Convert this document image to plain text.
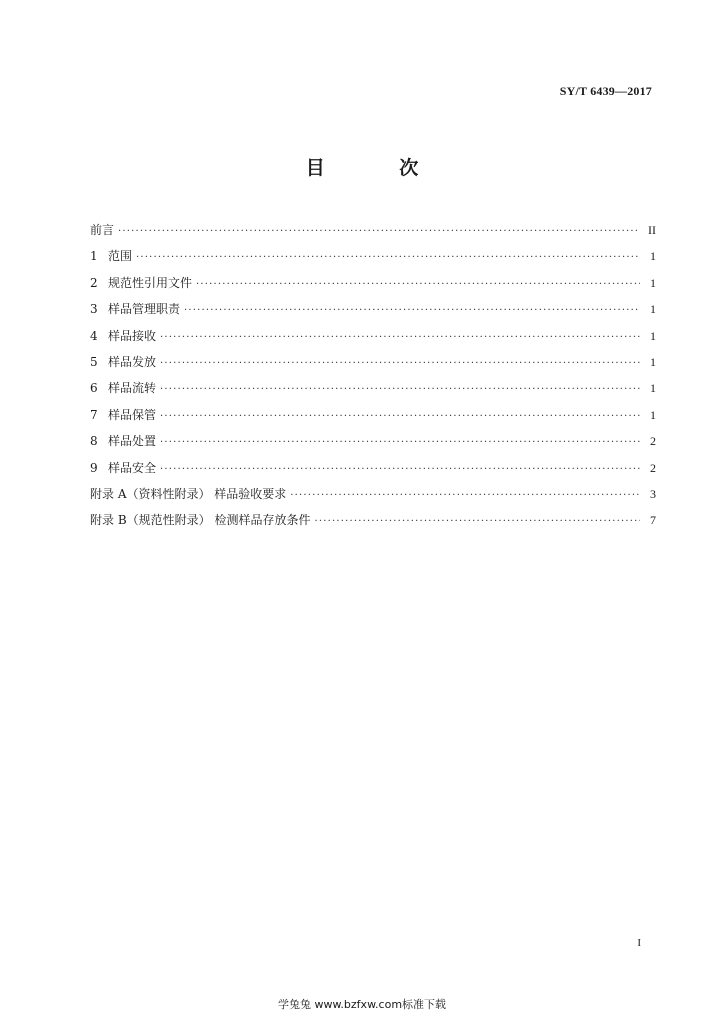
SY/T 6439—2017
目 次
前言 ·····	II
1 范围 ·····	1
2 规范性引用文件 ·····	1
3 样品管理职责 ·····	1
4 样品接收 ·····	1
5 样品发放 ·····	1
6 样品流转 ·····	1
7 样品保管 ·····	1
8 样品处置 ·····	2
9 样品安全 ·····	2
附录 A（资料性附录） 样品验收要求 ·····	3
附录 B（规范性附录） 检测样品存放条件 ·····	7
I
学兔兔 www.bzfxw.com标准下载
